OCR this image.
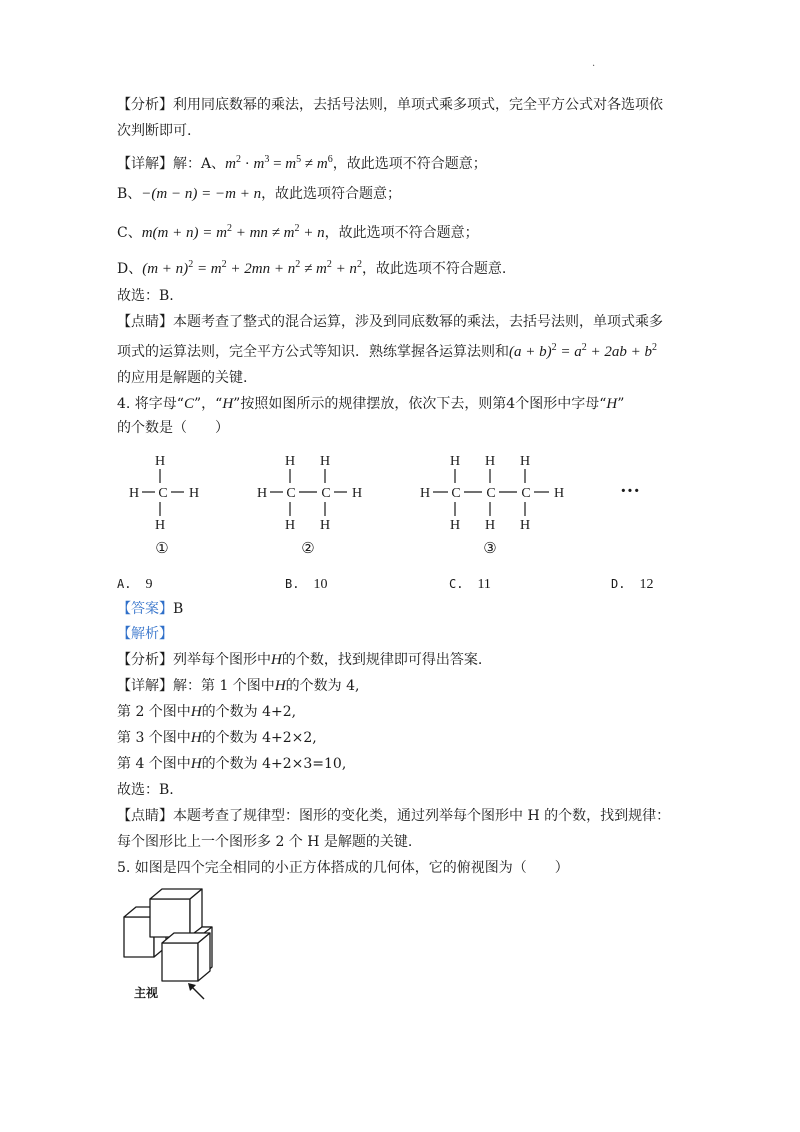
.
【分析】利用同底数幂的乘法，去括号法则，单项式乘多项式，完全平方公式对各选项依
次判断即可.
【详解】解：A、$m^2 \cdot m^3 = m^5 \ne m^6$，故此选项不符合题意；
B、−(m − n) = −m + n，故此选项符合题意；
C、$m(m + n) = m^2$ + mn ≠ $m^2 + n$，故此选项不符合题意；
D、$(m + n)^2 = m^2 + 2mn + n^2 \ne m^2 + n^2$，故此选项不符合题意.
故选：B.
【点睛】本题考查了整式的混合运算，涉及到同底数幂的乘法，去括号法则，单项式乘多
项式的运算法则，完全平方公式等知识．熟练掌握各运算法则和$(a + b)^2 = a^2 + 2ab + b^2$
的应用是解题的关键.
4. 将字母“C”，“H”按照如图所示的规律摆放，依次下去，则第4个图形中字母“H”
的个数是（　　）
H
H C H
H
①
H H
H C C H
H H
②
H H H
H C C C H
H H H
③
···
A. 9	B. 10	C. 11	D. 12
【答案】B
【解析】
【分析】列举每个图形中H的个数，找到规律即可得出答案.
【详解】解：第 1 个图中H的个数为 4,
第 2 个图中H的个数为 4+2,
第 3 个图中H的个数为 4+2×2,
第 4 个图中H的个数为 4+2×3=10,
故选：B.
【点睛】本题考查了规律型：图形的变化类，通过列举每个图形中 H 的个数，找到规律：
每个图形比上一个图形多 2 个 H 是解题的关键.
5. 如图是四个完全相同的小正方体搭成的几何体，它的俯视图为（　　）
主视
